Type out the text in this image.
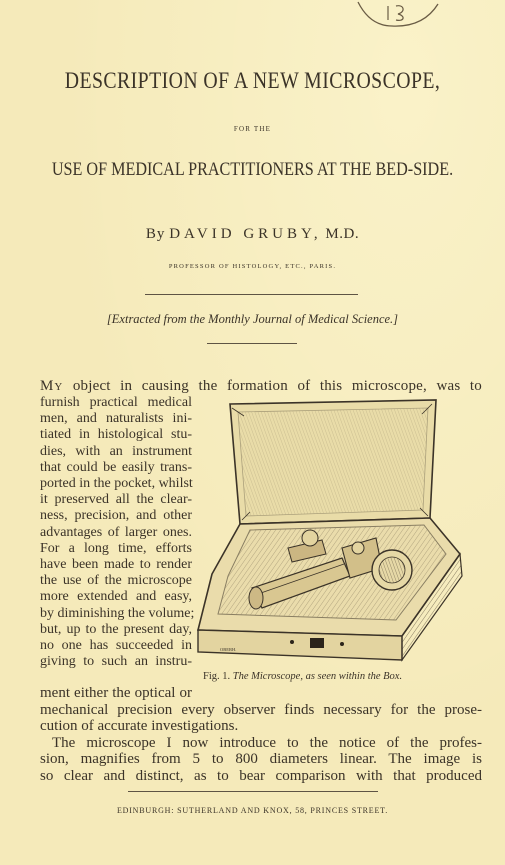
DESCRIPTION OF A NEW MICROSCOPE,
FOR THE
USE OF MEDICAL PRACTITIONERS AT THE BED-SIDE.
By DAVID GRUBY, M.D.
PROFESSOR OF HISTOLOGY, ETC., PARIS.
[Extracted from the Monthly Journal of Medical Science.]
My object in causing the formation of this microscope, was to
furnish practical medical
men, and naturalists ini-
tiated in histological stu-
dies, with an instrument
that could be easily trans-
ported in the pocket, whilst
it preserved all the clear-
ness, precision, and other
advantages of larger ones.
For a long time, efforts
have been made to render
the use of the microscope
more extended and easy,
by diminishing the volume;
but, up to the present day,
no one has succeeded in
giving to such an instru-
OBERH.
Fig. 1. The Microscope, as seen within the Box.
ment either the optical or
mechanical precision every observer finds necessary for the prose-
cution of accurate investigations.
The microscope I now introduce to the notice of the profes-
sion, magnifies from 5 to 800 diameters linear. The image is
so clear and distinct, as to bear comparison with that produced
EDINBURGH: SUTHERLAND AND KNOX, 58, PRINCES STREET.
